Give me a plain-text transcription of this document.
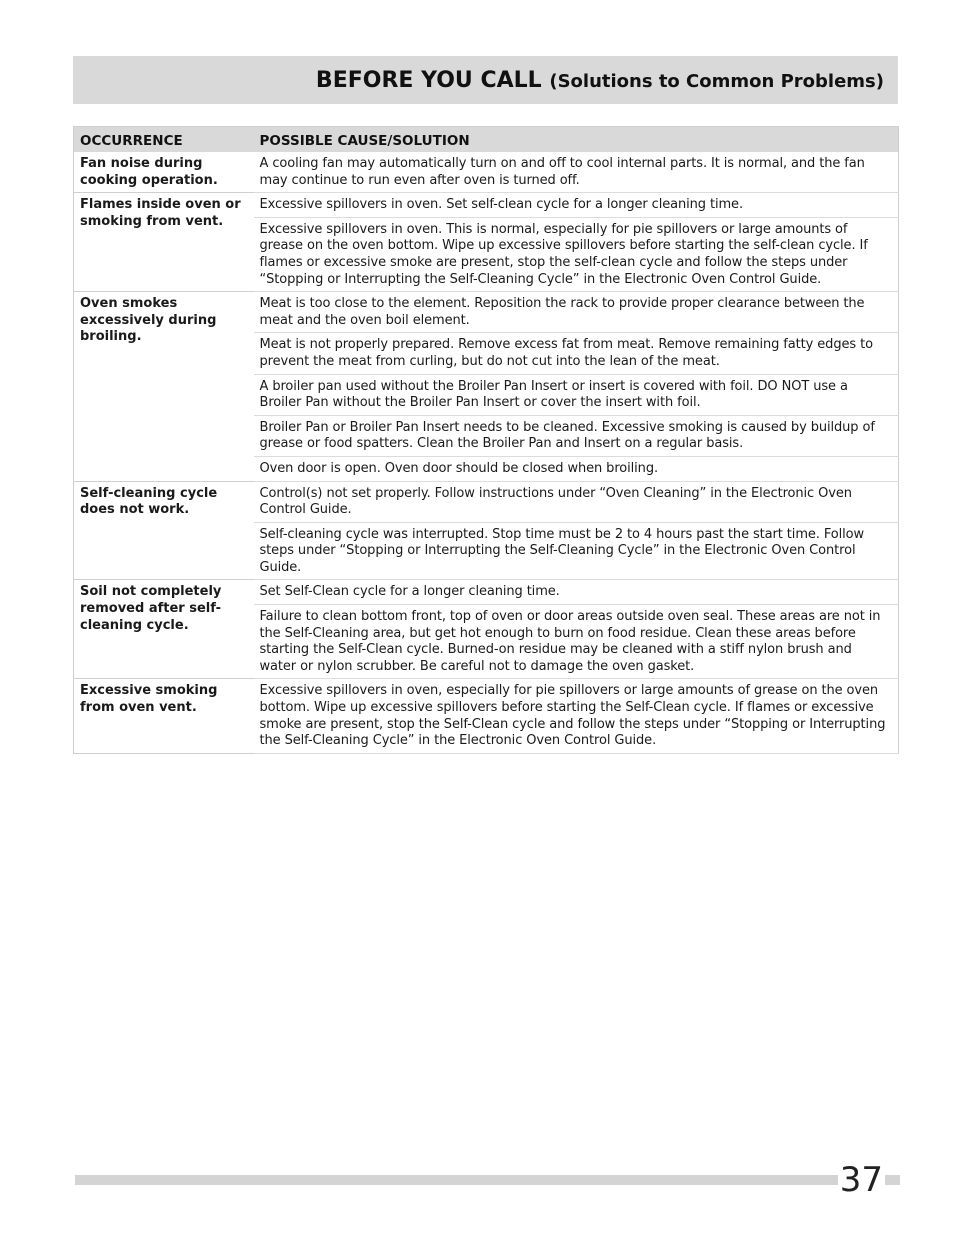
BEFORE YOU CALL (Solutions to Common Problems)
OCCURRENCE	POSSIBLE CAUSE/SOLUTION
Fan noise during cooking operation.	A cooling fan may automatically turn on and off to cool internal parts. It is normal, and the fan may continue to run even after oven is turned off.
Flames inside oven or smoking from vent.	Excessive spillovers in oven. Set self-clean cycle for a longer cleaning time.
	Excessive spillovers in oven. This is normal, especially for pie spillovers or large amounts of grease on the oven bottom. Wipe up excessive spillovers before starting the self-clean cycle. If flames or excessive smoke are present, stop the self-clean cycle and follow the steps under “Stopping or Interrupting the Self-Cleaning Cycle” in the Electronic Oven Control Guide.
Oven smokes excessively during broiling.	Meat is too close to the element. Reposition the rack to provide proper clearance between the meat and the oven boil element.
	Meat is not properly prepared. Remove excess fat from meat. Remove remaining fatty edges to prevent the meat from curling, but do not cut into the lean of the meat.
	A broiler pan used without the Broiler Pan Insert or insert is covered with foil. DO NOT use a Broiler Pan without the Broiler Pan Insert or cover the insert with foil.
	Broiler Pan or Broiler Pan Insert needs to be cleaned. Excessive smoking is caused by buildup of grease or food spatters. Clean the Broiler Pan and Insert on a regular basis.
	Oven door is open. Oven door should be closed when broiling.
Self-cleaning cycle does not work.	Control(s) not set properly. Follow instructions under “Oven Cleaning” in the Electronic Oven Control Guide.
	Self-cleaning cycle was interrupted. Stop time must be 2 to 4 hours past the start time. Follow steps under “Stopping or Interrupting the Self-Cleaning Cycle” in the Electronic Oven Control Guide.
Soil not completely removed after self-cleaning cycle.	Set Self-Clean cycle for a longer cleaning time.
	Failure to clean bottom front, top of oven or door areas outside oven seal. These areas are not in the Self-Cleaning area, but get hot enough to burn on food residue. Clean these areas before starting the Self-Clean cycle. Burned-on residue may be cleaned with a stiff nylon brush and water or nylon scrubber. Be careful not to damage the oven gasket.
Excessive smoking from oven vent.	Excessive spillovers in oven, especially for pie spillovers or large amounts of grease on the oven bottom. Wipe up excessive spillovers before starting the Self-Clean cycle. If flames or excessive smoke are present, stop the Self-Clean cycle and follow the steps under “Stopping or Interrupting the Self-Cleaning Cycle” in the Electronic Oven Control Guide.
37
